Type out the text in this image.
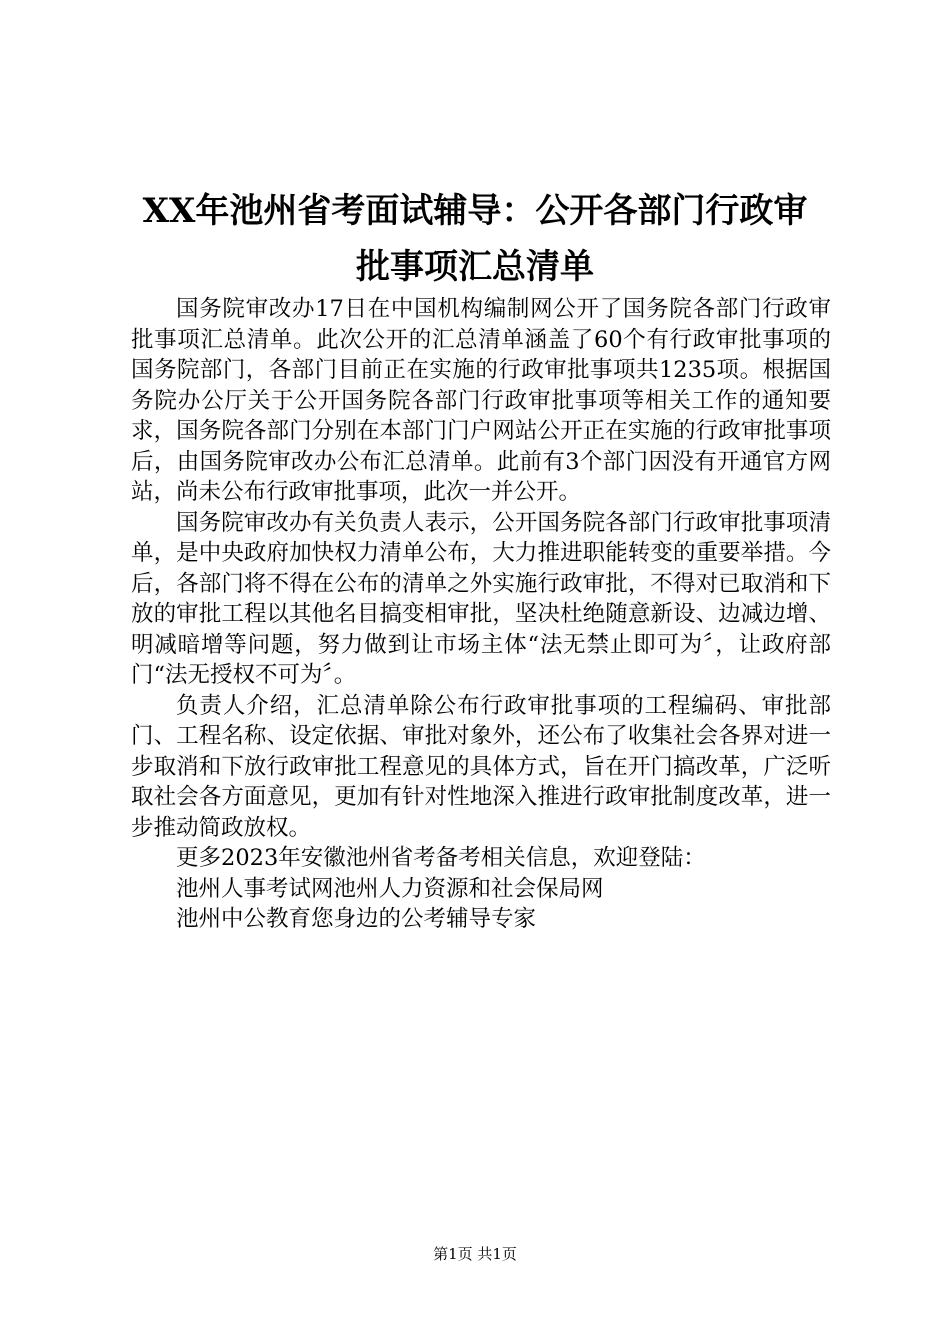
XX年池州省考面试辅导：公开各部门行政审
批事项汇总清单

国务院审改办17日在中国机构编制网公开了国务院各部门行政审批事项汇总清单。此次公开的汇总清单涵盖了60个有行政审批事项的国务院部门，各部门目前正在实施的行政审批事项共1235项。根据国务院办公厅关于公开国务院各部门行政审批事项等相关工作的通知要求，国务院各部门分别在本部门门户网站公开正在实施的行政审批事项后，由国务院审改办公布汇总清单。此前有3个部门因没有开通官方网站，尚未公布行政审批事项，此次一并公开。

国务院审改办有关负责人表示，公开国务院各部门行政审批事项清单，是中央政府加快权力清单公布，大力推进职能转变的重要举措。今后，各部门将不得在公布的清单之外实施行政审批，不得对已取消和下放的审批工程以其他名目搞变相审批，坚决杜绝随意新设、边减边增、明减暗增等问题，努力做到让市场主体“法无禁止即可为〞，让政府部门“法无授权不可为〞。

负责人介绍，汇总清单除公布行政审批事项的工程编码、审批部门、工程名称、设定依据、审批对象外，还公布了收集社会各界对进一步取消和下放行政审批工程意见的具体方式，旨在开门搞改革，广泛听取社会各方面意见，更加有针对性地深入推进行政审批制度改革，进一步推动简政放权。

更多2023年安徽池州省考备考相关信息，欢迎登陆：

池州人事考试网池州人力资源和社会保局网

池州中公教育您身边的公考辅导专家

第1页 共1页
